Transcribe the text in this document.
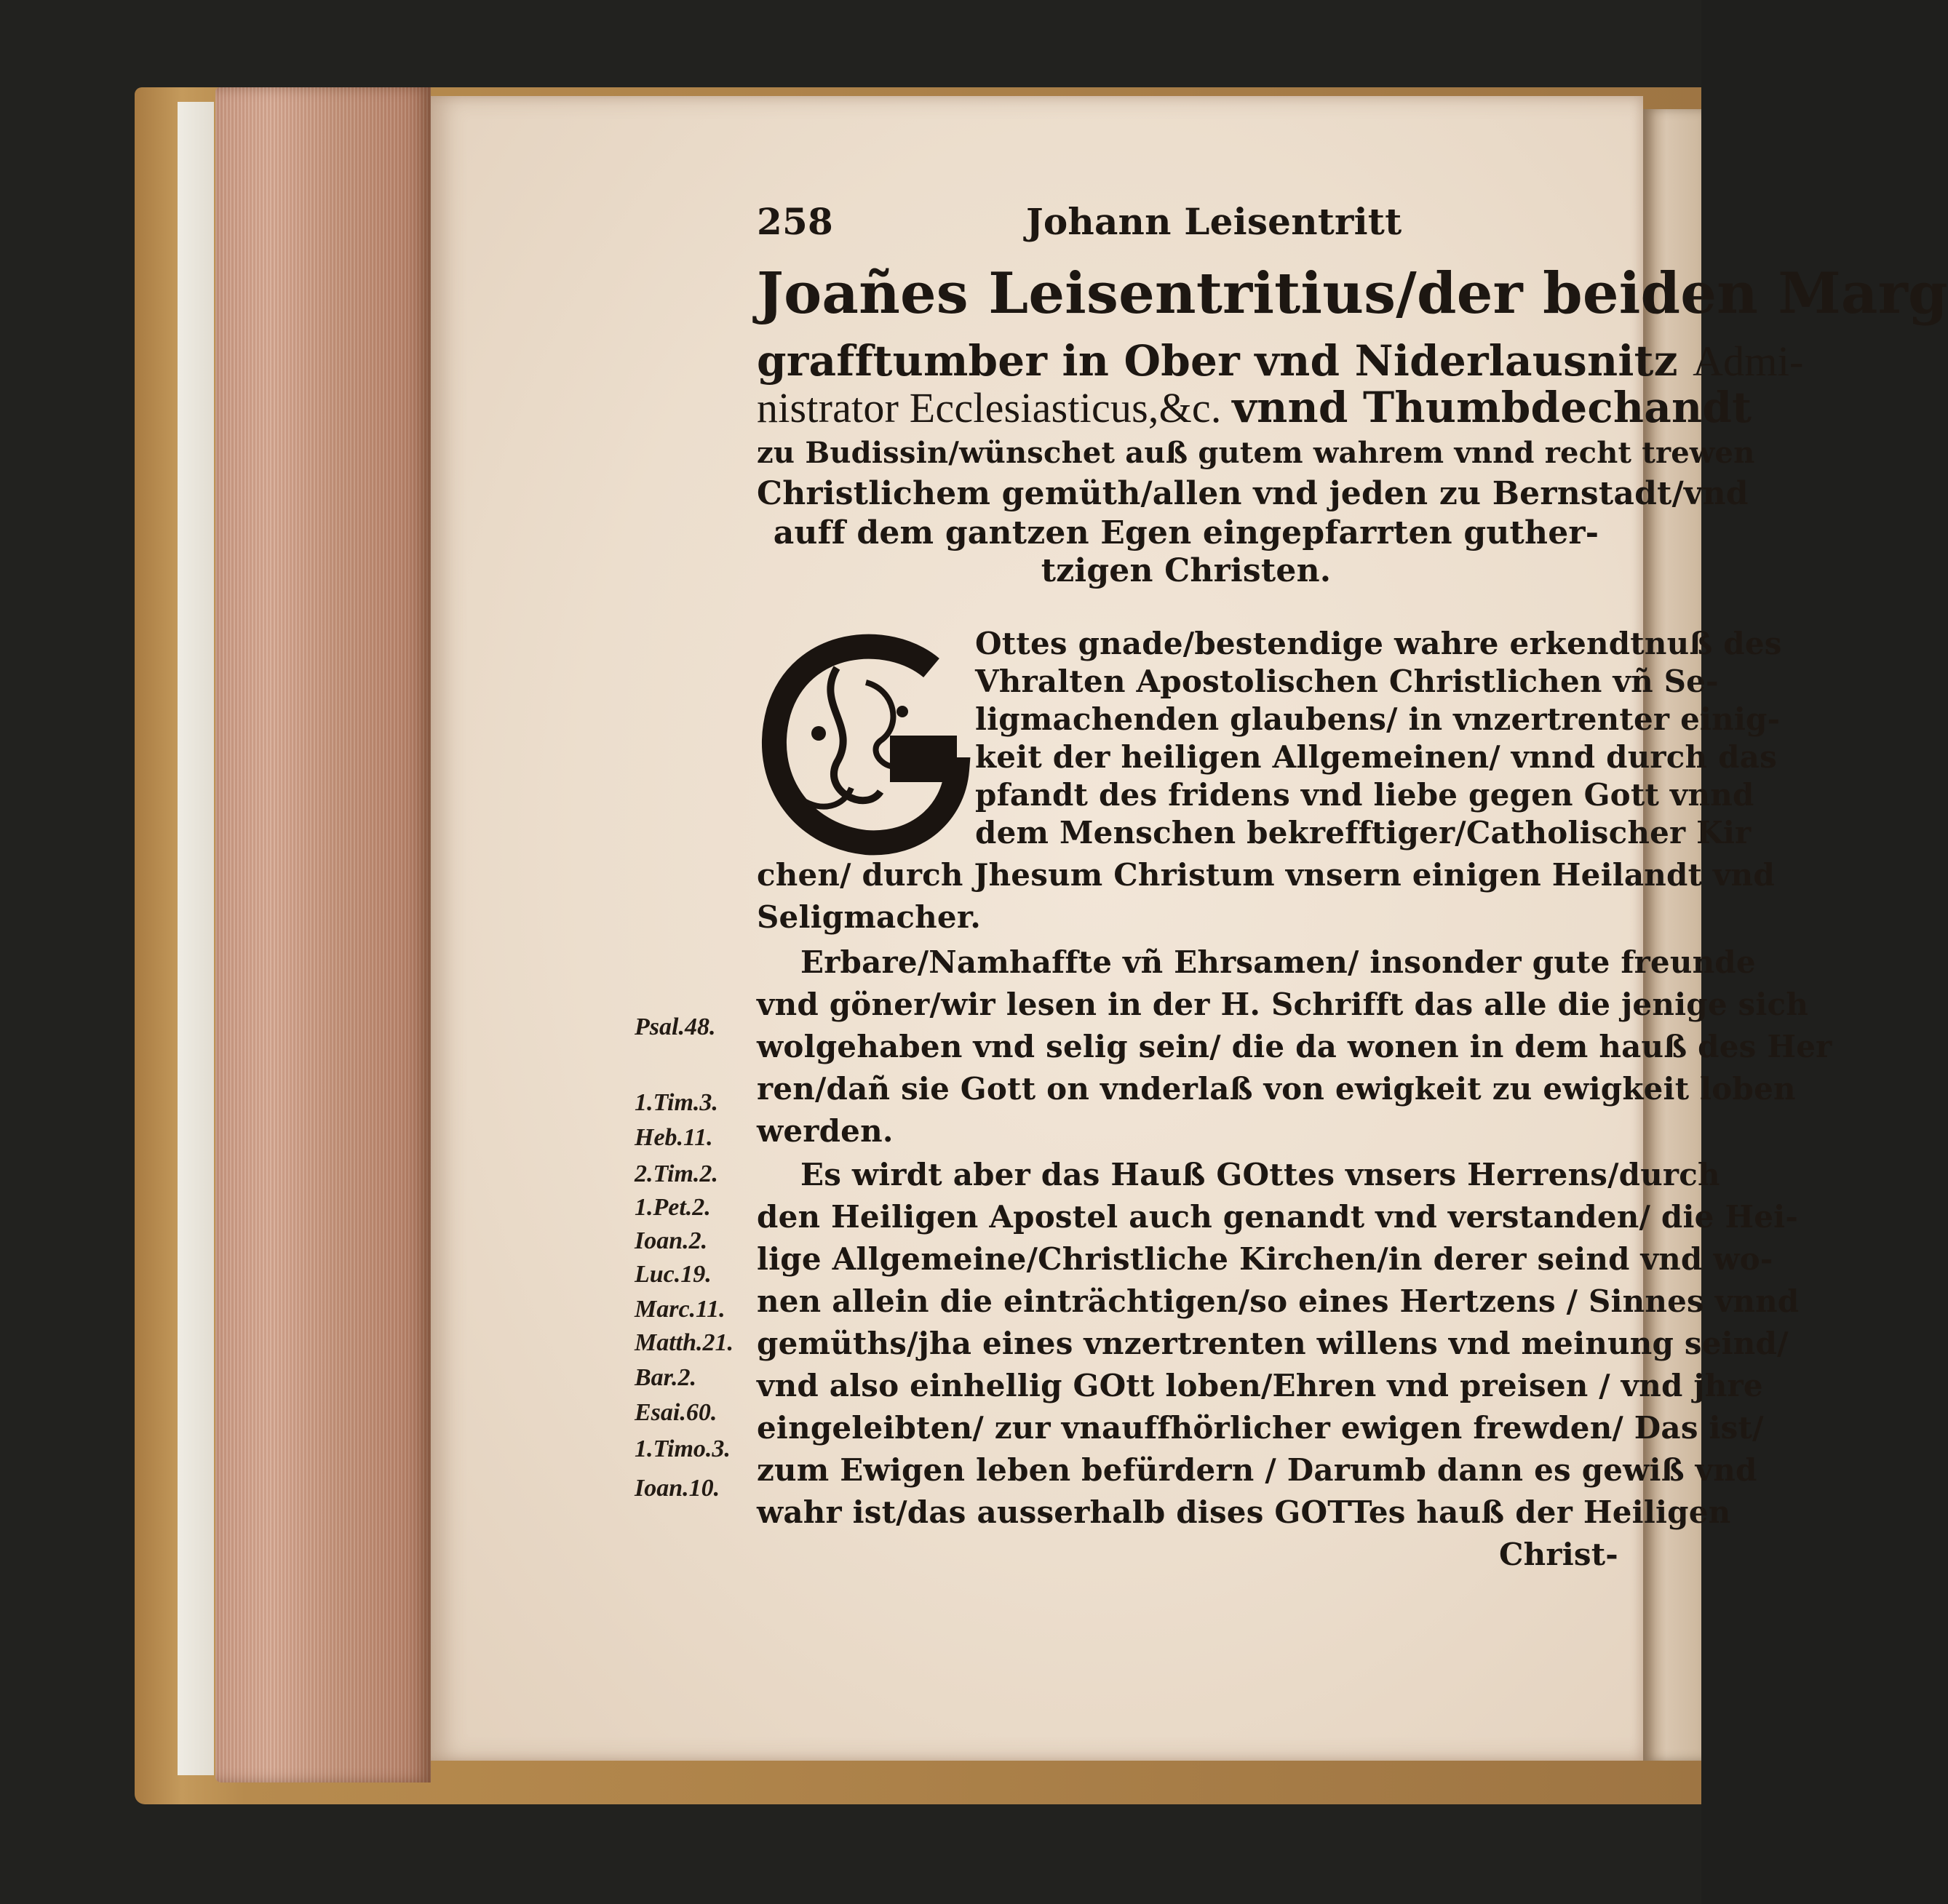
258	Johann Leisentritt
Joañes Leisentritius/der beiden Marg
grafftumber in Ober vnd Niderlausnitz Admi-
nistrator Ecclesiasticus,&c. vnnd Thumbdechandt
zu Budissin/wünschet auß gutem wahrem vnnd recht trewen
Christlichem gemüth/allen vnd jeden zu Bernstadt/vnd
auff dem gantzen Egen eingepfarrten guther-
tzigen Christen.
Ottes gnade/bestendige wahre erkendtnuß des
Vhralten Apostolischen Christlichen vñ Se-
ligmachenden glaubens/ in vnzertrenter einig-
keit der heiligen Allgemeinen/ vnnd durch das
pfandt des fridens vnd liebe gegen Gott vnnd
dem Menschen bekrefftiger/Catholischer Kir
chen/ durch Jhesum Christum vnsern einigen Heilandt vnd
Seligmacher.
Erbare/Namhaffte vñ Ehrsamen/ insonder gute freunde
vnd göner/wir lesen in der H. Schrifft das alle die jenige sich
wolgehaben vnd selig sein/ die da wonen in dem hauß des Her
ren/dañ sie Gott on vnderlaß von ewigkeit zu ewigkeit loben
werden.
Es wirdt aber das Hauß GOttes vnsers Herrens/durch
den Heiligen Apostel auch genandt vnd verstanden/ die Hei-
lige Allgemeine/Christliche Kirchen/in derer seind vnd wo-
nen allein die einträchtigen/so eines Hertzens / Sinnes vnnd
gemüths/jha eines vnzertrenten willens vnd meinung seind/
vnd also einhellig GOtt loben/Ehren vnd preisen / vnd jhre
eingeleibten/ zur vnauffhörlicher ewigen frewden/ Das ist/
zum Ewigen leben befürdern / Darumb dann es gewiß vnd
wahr ist/das ausserhalb dises GOTTes hauß der Heiligen
Christ-
Psal.48.
1.Tim.3.
Heb.11.
2.Tim.2.
1.Pet.2.
Ioan.2.
Luc.19.
Marc.11.
Matth.21.
Bar.2.
Esai.60.
1.Timo.3.
Ioan.10.
